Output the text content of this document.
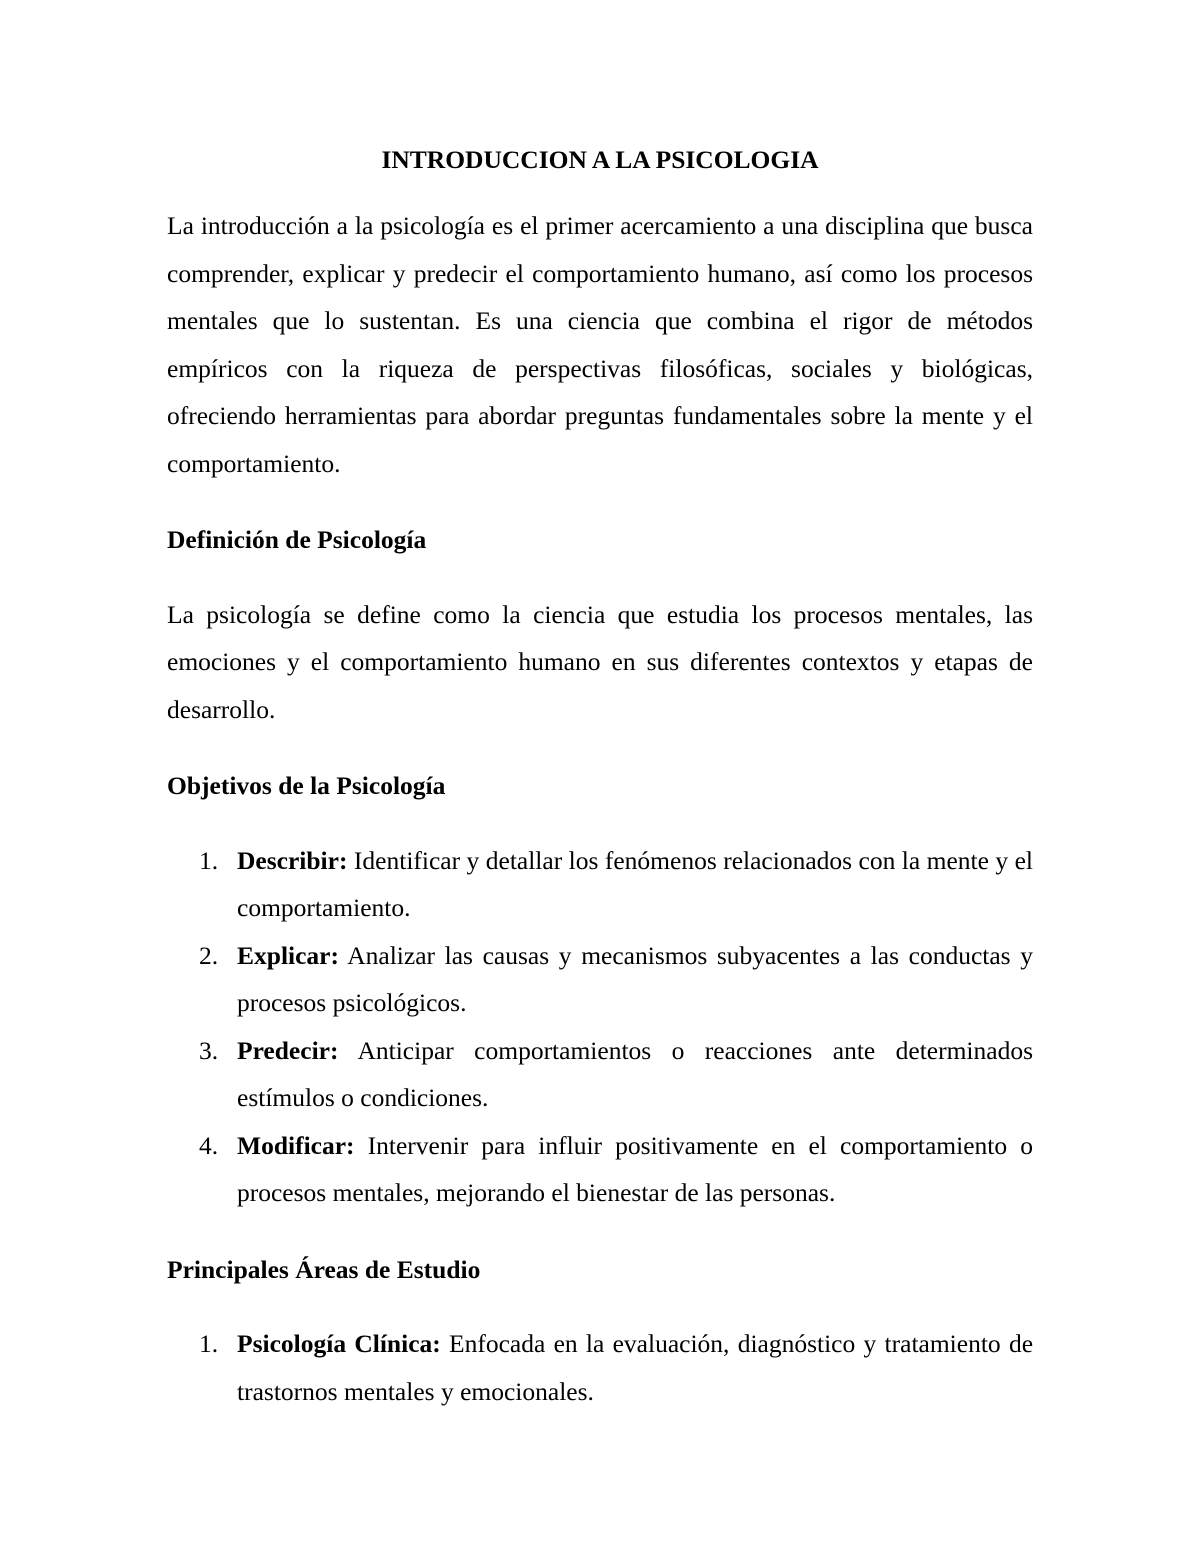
INTRODUCCION A LA PSICOLOGIA

La introducción a la psicología es el primer acercamiento a una disciplina que busca comprender, explicar y predecir el comportamiento humano, así como los procesos mentales que lo sustentan. Es una ciencia que combina el rigor de métodos empíricos con la riqueza de perspectivas filosóficas, sociales y biológicas, ofreciendo herramientas para abordar preguntas fundamentales sobre la mente y el comportamiento.

Definición de Psicología

La psicología se define como la ciencia que estudia los procesos mentales, las emociones y el comportamiento humano en sus diferentes contextos y etapas de desarrollo.

Objetivos de la Psicología

1. Describir: Identificar y detallar los fenómenos relacionados con la mente y el comportamiento.
2. Explicar: Analizar las causas y mecanismos subyacentes a las conductas y procesos psicológicos.
3. Predecir: Anticipar comportamientos o reacciones ante determinados estímulos o condiciones.
4. Modificar: Intervenir para influir positivamente en el comportamiento o procesos mentales, mejorando el bienestar de las personas.

Principales Áreas de Estudio

1. Psicología Clínica: Enfocada en la evaluación, diagnóstico y tratamiento de trastornos mentales y emocionales.
